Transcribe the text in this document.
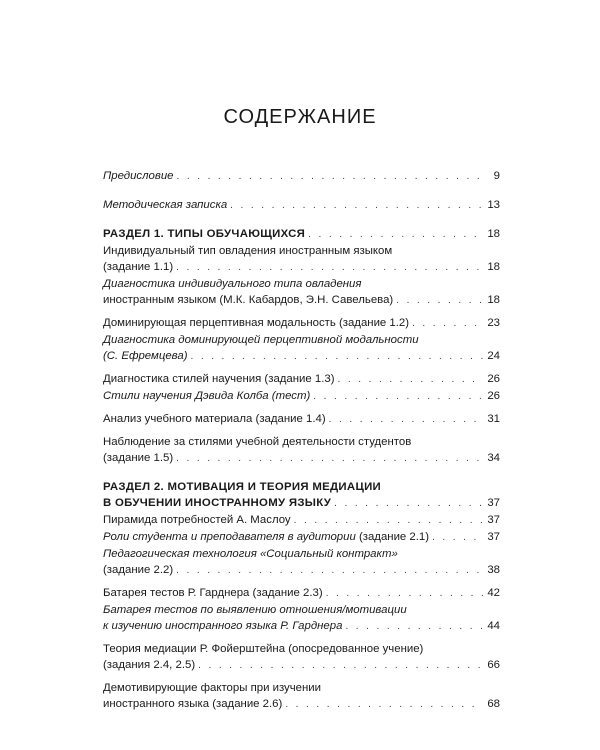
СОДЕРЖАНИЕ
Предисловие . . .	9
Методическая записка . . .	13
РАЗДЕЛ 1. ТИПЫ ОБУЧАЮЩИХСЯ . . .	18
Индивидуальный тип овладения иностранным языком
(задание 1.1) . . .	18
Диагностика индивидуального типа овладения
иностранным языком (М.К. Кабардов, Э.Н. Савельева) . . .	18
Доминирующая перцептивная модальность (задание 1.2) . . .	23
Диагностика доминирующей перцептивной модальности
(С. Ефремцева) . . .	24
Диагностика стилей научения (задание 1.3) . . .	26
Стили научения Дэвида Колба (тест) . . .	26
Анализ учебного материала (задание 1.4) . . .	31
Наблюдение за стилями учебной деятельности студентов
(задание 1.5) . . .	34
РАЗДЕЛ 2. МОТИВАЦИЯ И ТЕОРИЯ МЕДИАЦИИ
В ОБУЧЕНИИ ИНОСТРАННОМУ ЯЗЫКУ . . .	37
Пирамида потребностей А. Маслоу . . .	37
Роли студента и преподавателя в аудитории (задание 2.1) . . .	37
Педагогическая технология «Социальный контракт»
(задание 2.2) . . .	38
Батарея тестов Р. Гарднера (задание 2.3) . . .	42
Батарея тестов по выявлению отношения/мотивации
к изучению иностранного языка Р. Гарднера . . .	44
Теория медиации Р. Фойерштейна (опосредованное учение)
(задания 2.4, 2.5) . . .	66
Демотивирующие факторы при изучении
иностранного языка (задание 2.6) . . .	68
